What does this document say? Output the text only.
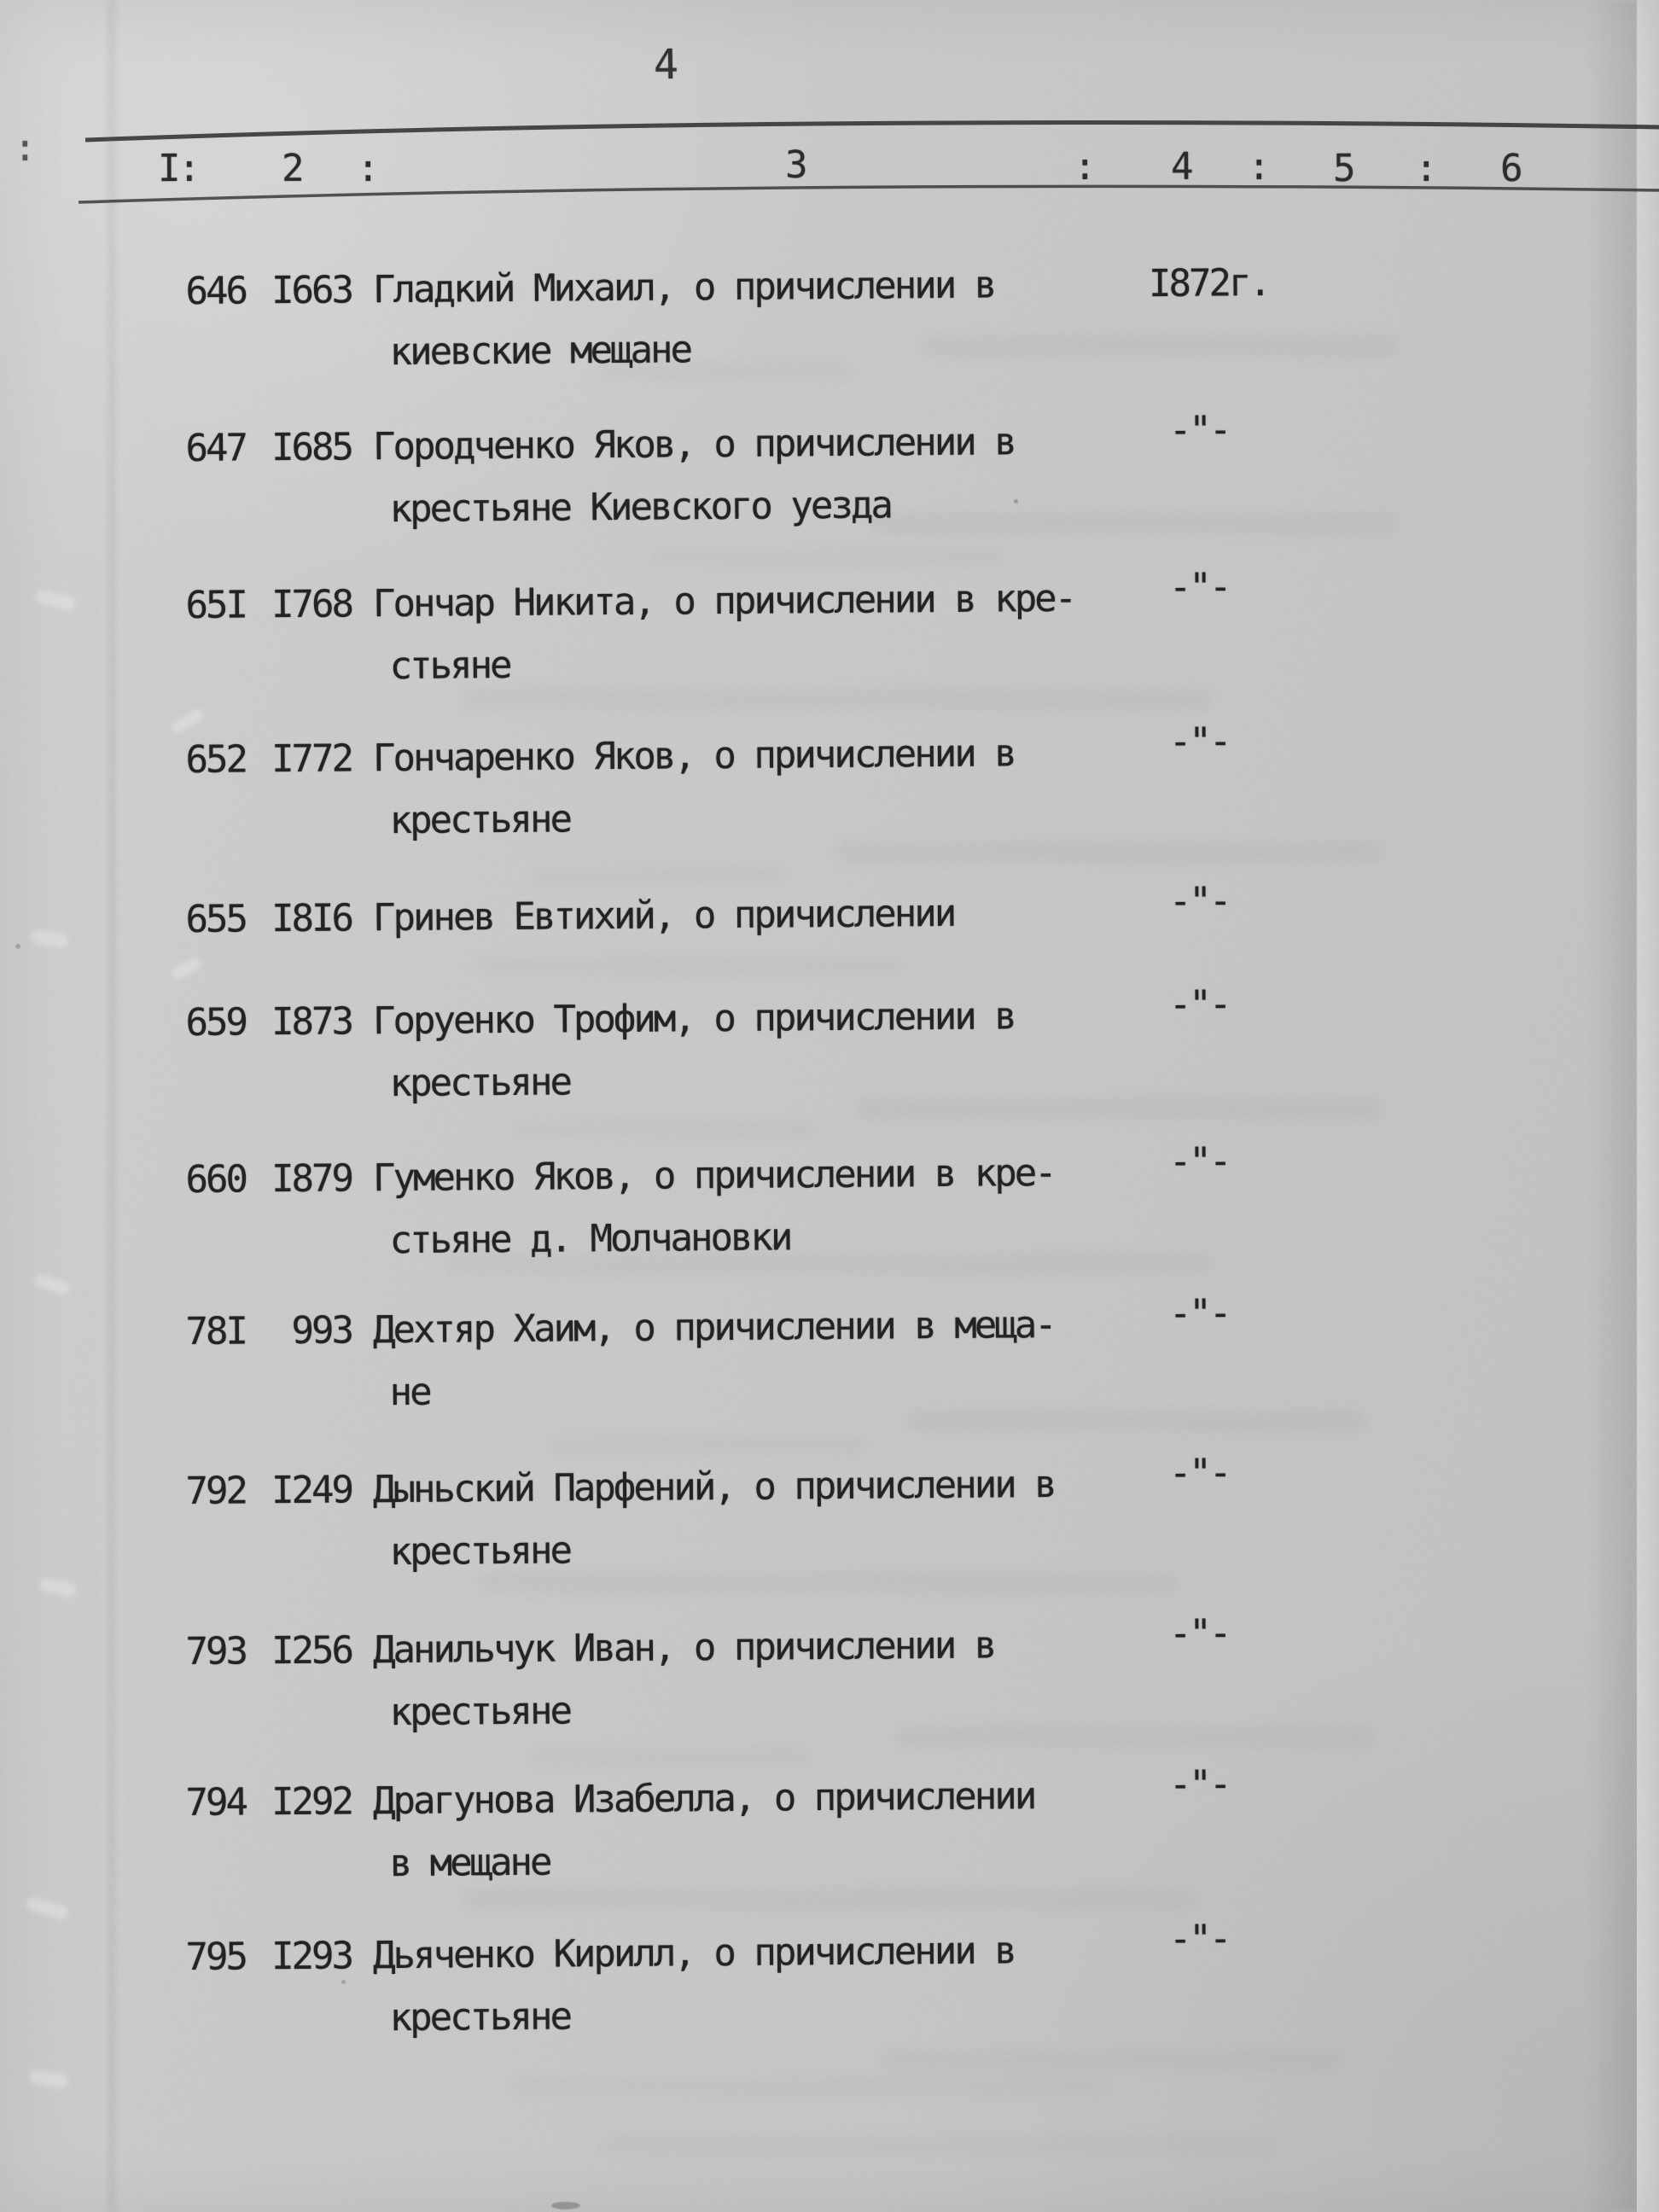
4
I: 2 :	3	: 4 : 5 : 6
:
646 I663 Гладкий Михаил, о причислении в
киевские мещане
I872г.
647 I685 Городченко Яков, о причислении в
крестьяне Киевского уезда
-"-
65I I768 Гончар Никита, о причислении в кре-
стьяне
-"-
652 I772 Гончаренко Яков, о причислении в
крестьяне
-"-
655 I8I6 Гринев Евтихий, о причислении	-"-
659 I873 Горуенко Трофим, о причислении в
крестьяне
-"-
660 I879 Гуменко Яков, о причислении в кре-
стьяне д. Молчановки
-"-
78I	993 Дехтяр Хаим, о причислении в меща-
не
-"-
792 I249 Дыньский Парфений, о причислении в
крестьяне
-"-
793 I256 Данильчук Иван, о причислении в
крестьяне
-"-
794 I292 Драгунова Изабелла, о причислении
в мещане
-"-
795 I293 Дьяченко Кирилл, о причислении в
крестьяне
-"-
